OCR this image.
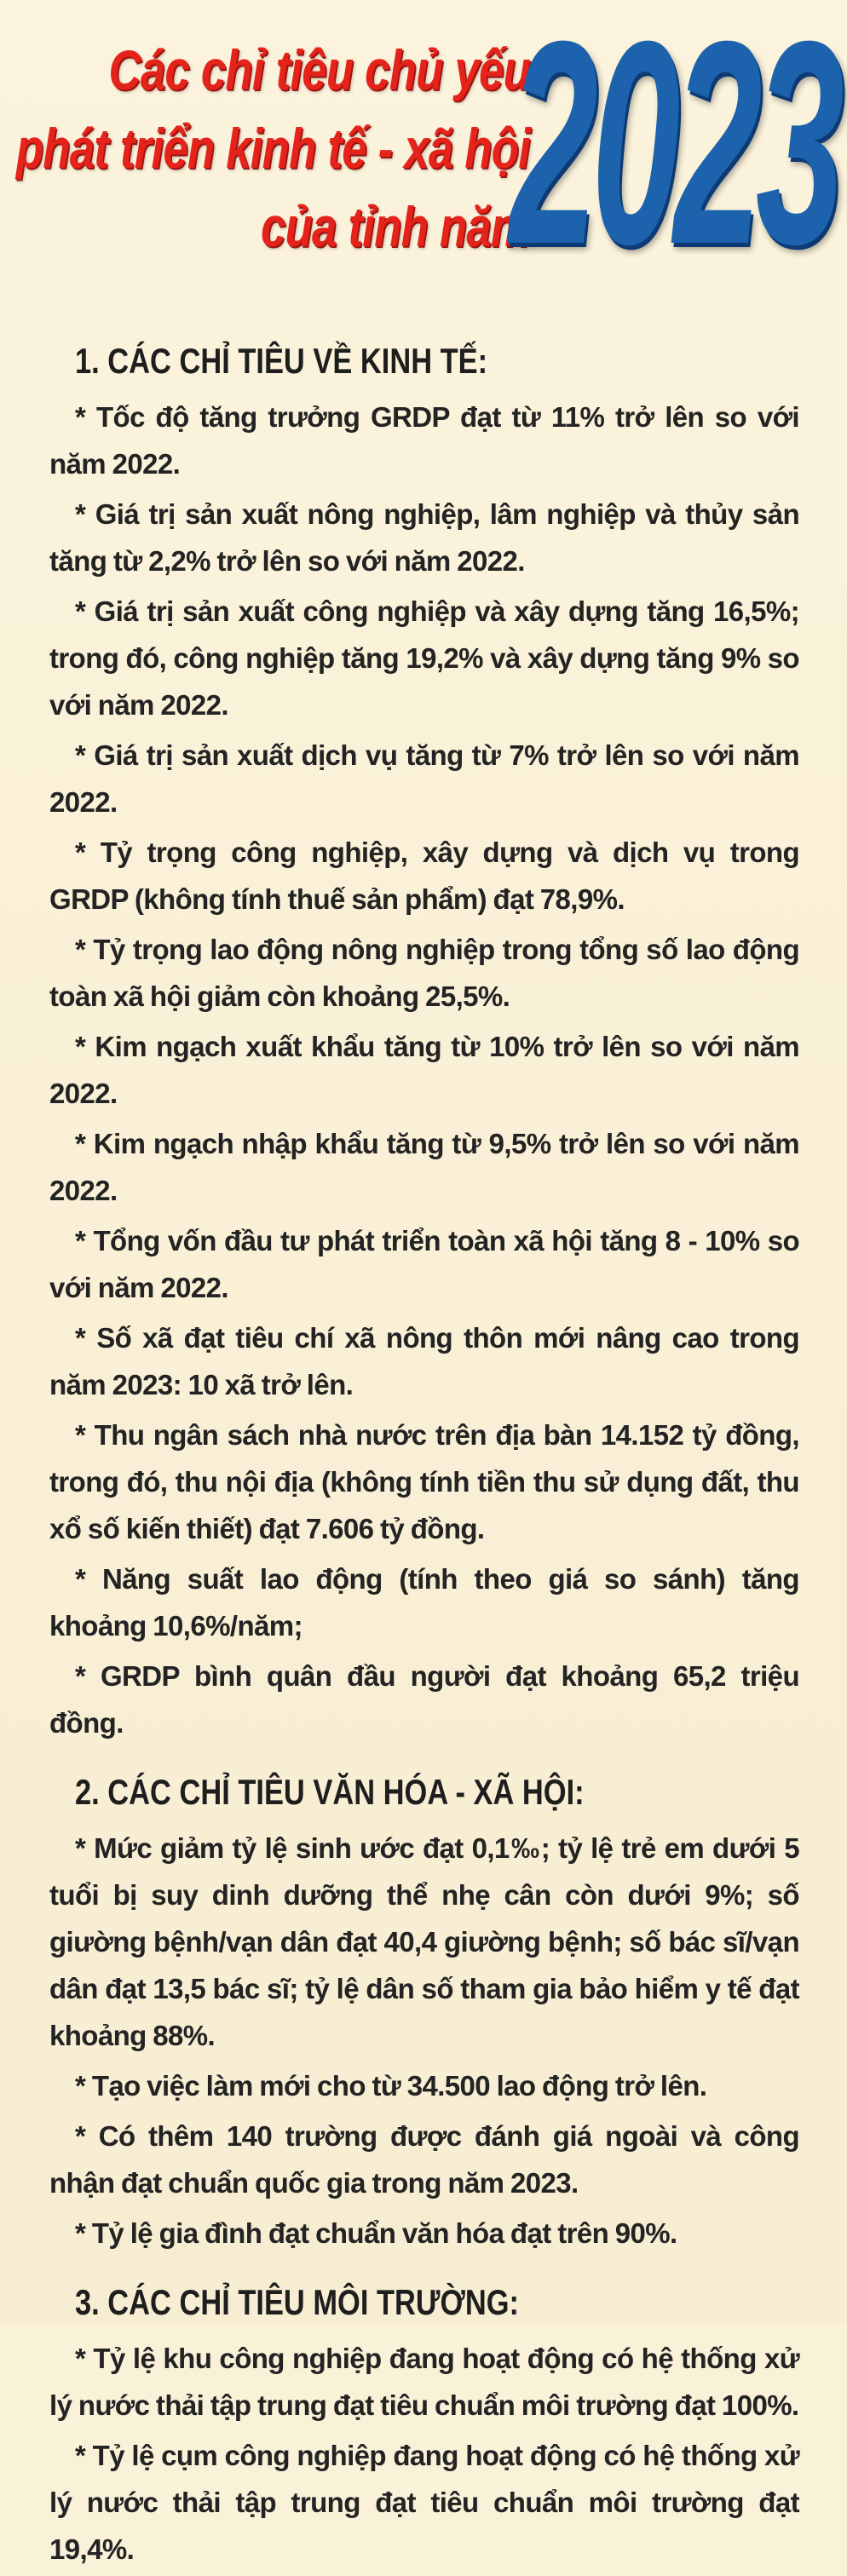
Các chỉ tiêu chủ yếu
phát triển kinh tế - xã hội
của tỉnh năm
2023
1. CÁC CHỈ TIÊU VỀ KINH TẾ:

* Tốc độ tăng trưởng GRDP đạt từ 11% trở lên so với năm 2022.

* Giá trị sản xuất nông nghiệp, lâm nghiệp và thủy sản tăng từ 2,2% trở lên so với năm 2022.

* Giá trị sản xuất công nghiệp và xây dựng tăng 16,5%; trong đó, công nghiệp tăng 19,2% và xây dựng tăng 9% so với năm 2022.

* Giá trị sản xuất dịch vụ tăng từ 7% trở lên so với năm 2022.

* Tỷ trọng công nghiệp, xây dựng và dịch vụ trong GRDP (không tính thuế sản phẩm) đạt 78,9%.

* Tỷ trọng lao động nông nghiệp trong tổng số lao động toàn xã hội giảm còn khoảng 25,5%.

* Kim ngạch xuất khẩu tăng từ 10% trở lên so với năm 2022.

* Kim ngạch nhập khẩu tăng từ 9,5% trở lên so với năm 2022.

* Tổng vốn đầu tư phát triển toàn xã hội tăng 8 - 10% so với năm 2022.

* Số xã đạt tiêu chí xã nông thôn mới nâng cao trong năm 2023: 10 xã trở lên.

* Thu ngân sách nhà nước trên địa bàn 14.152 tỷ đồng, trong đó, thu nội địa (không tính tiền thu sử dụng đất, thu xổ số kiến thiết) đạt 7.606 tỷ đồng.

* Năng suất lao động (tính theo giá so sánh) tăng khoảng 10,6%/năm;

* GRDP bình quân đầu người đạt khoảng 65,2 triệu đồng.

2. CÁC CHỈ TIÊU VĂN HÓA - XÃ HỘI:

* Mức giảm tỷ lệ sinh ước đạt 0,1‰; tỷ lệ trẻ em dưới 5 tuổi bị suy dinh dưỡng thể nhẹ cân còn dưới 9%; số giường bệnh/vạn dân đạt 40,4 giường bệnh; số bác sĩ/vạn dân đạt 13,5 bác sĩ; tỷ lệ dân số tham gia bảo hiểm y tế đạt khoảng 88%.

* Tạo việc làm mới cho từ 34.500 lao động trở lên.

* Có thêm 140 trường được đánh giá ngoài và công nhận đạt chuẩn quốc gia trong năm 2023.

* Tỷ lệ gia đình đạt chuẩn văn hóa đạt trên 90%.

3. CÁC CHỈ TIÊU MÔI TRƯỜNG:

* Tỷ lệ khu công nghiệp đang hoạt động có hệ thống xử lý nước thải tập trung đạt tiêu chuẩn môi trường đạt 100%.

* Tỷ lệ cụm công nghiệp đang hoạt động có hệ thống xử lý nước thải tập trung đạt tiêu chuẩn môi trường đạt 19,4%.
